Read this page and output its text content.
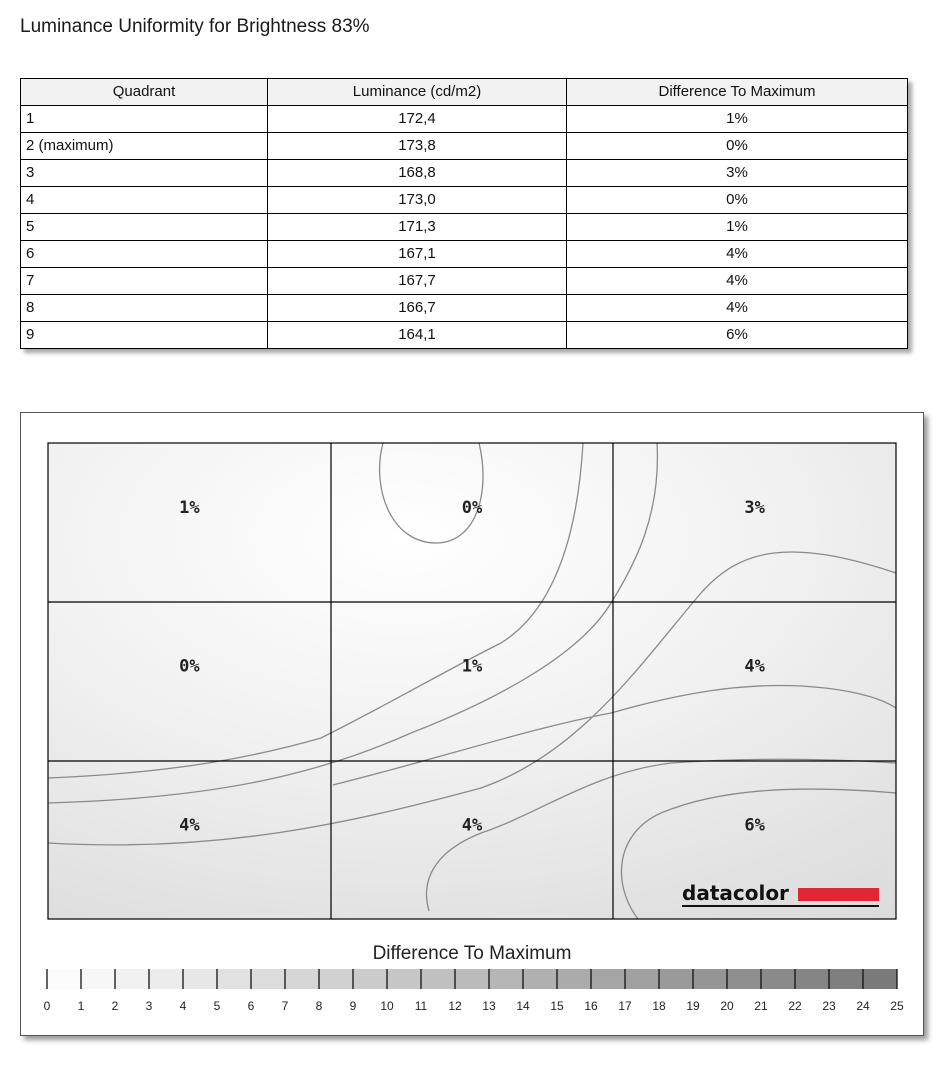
Luminance Uniformity for Brightness 83%
Quadrant	Luminance (cd/m2)	Difference To Maximum
1	172,4	1%
2 (maximum)	173,8	0%
3	168,8	3%
4	173,0	0%
5	171,3	1%
6	167,1	4%
7	167,7	4%
8	166,7	4%
9	164,1	6%
1%	0%	3%
0%	1%	4%
4%	4%	6%
datacolor
0 1 2 3 4 5 6 7 8 9 10 11 12 13 14 15 16 17 18 19 20 21 22 23 24 25
Difference To Maximum
